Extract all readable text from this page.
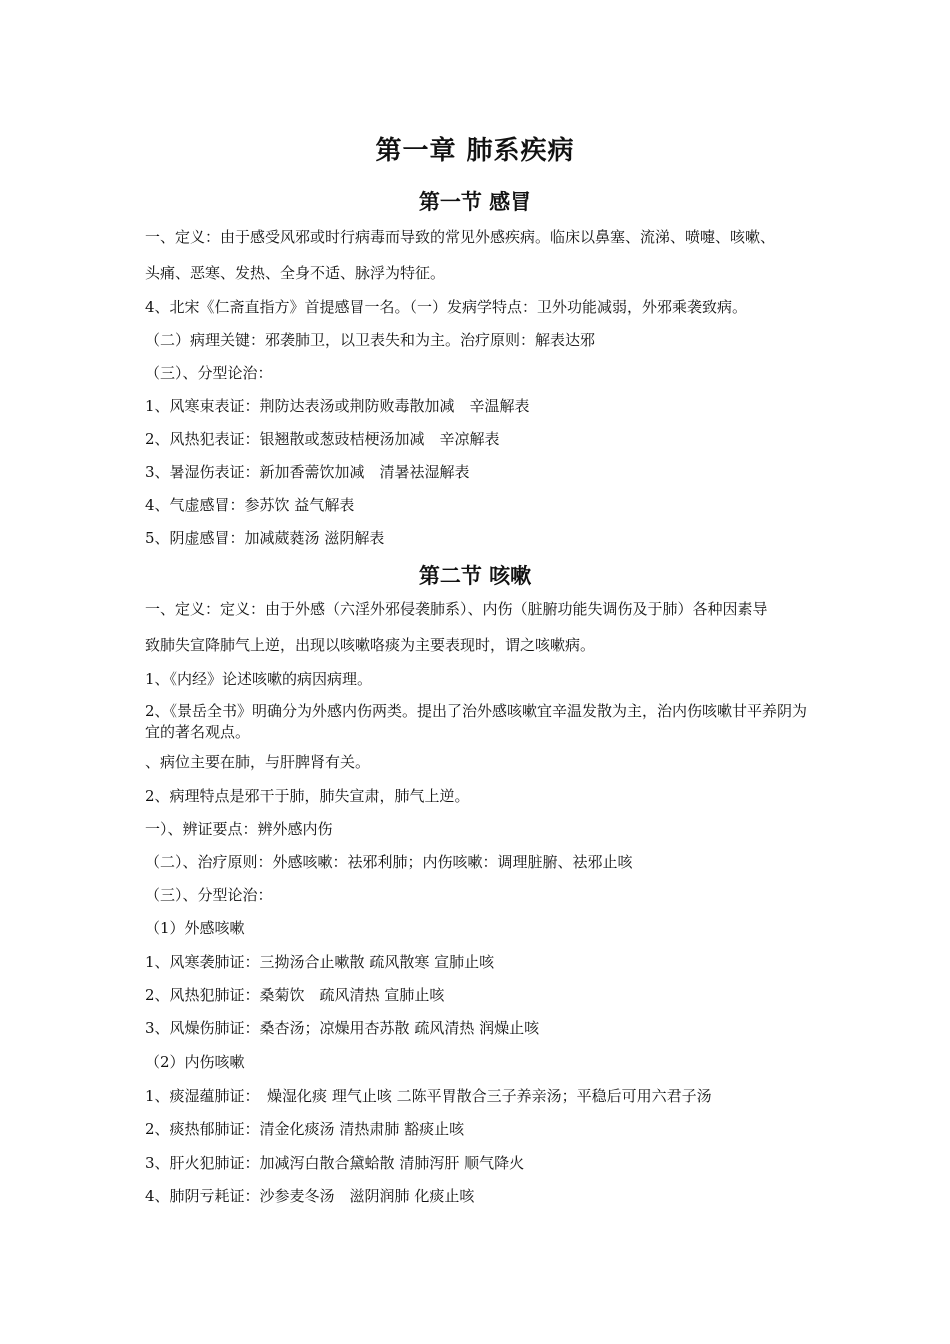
第一章 肺系疾病
第一节 感冒
一、定义：由于感受风邪或时行病毒而导致的常见外感疾病。临床以鼻塞、流涕、喷嚏、咳嗽、
头痛、恶寒、发热、全身不适、脉浮为特征。
4、北宋《仁斋直指方》首提感冒一名。（一）发病学特点：卫外功能减弱，外邪乘袭致病。
（二）病理关键：邪袭肺卫，以卫表失和为主。治疗原则：解表达邪
（三）、分型论治：
1、风寒束表证：荆防达表汤或荆防败毒散加减　辛温解表
2、风热犯表证：银翘散或葱豉桔梗汤加减　辛凉解表
3、暑湿伤表证：新加香薷饮加减　清暑祛湿解表
4、气虚感冒：参苏饮 益气解表
5、阴虚感冒：加减葳蕤汤 滋阴解表
第二节 咳嗽
一、定义：定义：由于外感（六淫外邪侵袭肺系）、内伤（脏腑功能失调伤及于肺）各种因素导
致肺失宣降肺气上逆，出现以咳嗽咯痰为主要表现时，谓之咳嗽病。
1、《内经》论述咳嗽的病因病理。
2、《景岳全书》明确分为外感内伤两类。提出了治外感咳嗽宜辛温发散为主，治内伤咳嗽甘平养阴为宜的著名观点。
、病位主要在肺，与肝脾肾有关。
2、病理特点是邪干于肺，肺失宣肃，肺气上逆。
一）、辨证要点：辨外感内伤
（二）、治疗原则：外感咳嗽：祛邪利肺；内伤咳嗽：调理脏腑、祛邪止咳
（三）、分型论治：
（1）外感咳嗽
1、风寒袭肺证：三拗汤合止嗽散 疏风散寒 宣肺止咳
2、风热犯肺证：桑菊饮　疏风清热 宣肺止咳
3、风燥伤肺证：桑杏汤；凉燥用杏苏散 疏风清热 润燥止咳
（2）内伤咳嗽
1、痰湿蕴肺证：　燥湿化痰 理气止咳 二陈平胃散合三子养亲汤；平稳后可用六君子汤
2、痰热郁肺证：清金化痰汤 清热肃肺 豁痰止咳
3、肝火犯肺证：加减泻白散合黛蛤散 清肺泻肝 顺气降火
4、肺阴亏耗证：沙参麦冬汤　滋阴润肺 化痰止咳
